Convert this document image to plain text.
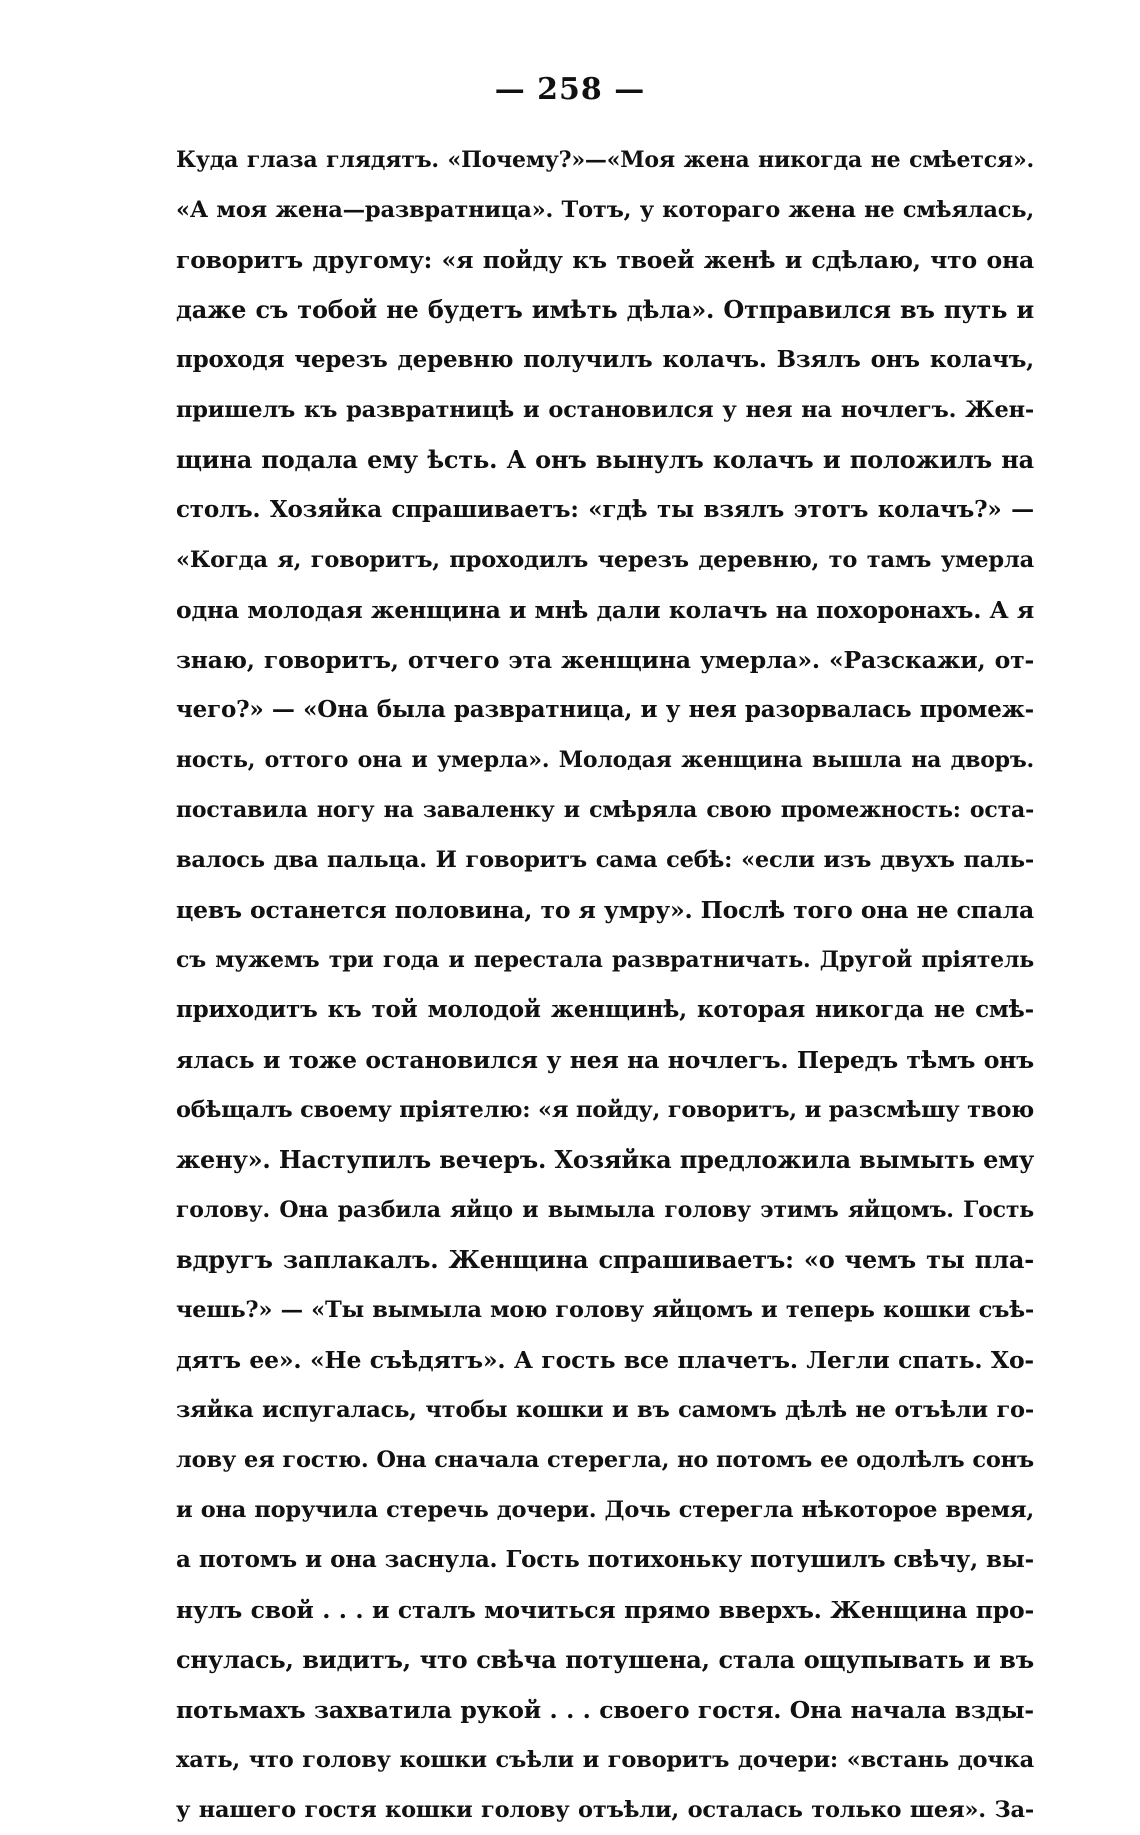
— 258 —
Куда глаза глядятъ. «Почему?»—«Моя жена никогда не смѣется».
«А моя жена—развратница». Тотъ, у котораго жена не смѣялась,
говоритъ другому: «я пойду къ твоей женѣ и сдѣлаю, что она
даже съ тобой не будетъ имѣть дѣла». Отправился въ путь и
проходя черезъ деревню получилъ колачъ. Взялъ онъ колачъ,
пришелъ къ развратницѣ и остановился у нея на ночлегъ. Жен-
щина подала ему ѣсть. А онъ вынулъ колачъ и положилъ на
столъ. Хозяйка спрашиваетъ: «гдѣ ты взялъ этотъ колачъ?» —
«Когда я, говоритъ, проходилъ черезъ деревню, то тамъ умерла
одна молодая женщина и мнѣ дали колачъ на похоронахъ. А я
знаю, говоритъ, отчего эта женщина умерла». «Разскажи, от-
чего?» — «Она была развратница, и у нея разорвалась промеж-
ность, оттого она и умерла». Молодая женщина вышла на дворъ.
поставила ногу на заваленку и смѣряла свою промежность: оста-
валось два пальца. И говоритъ сама себѣ: «если изъ двухъ паль-
цевъ останется половина, то я умру». Послѣ того она не спала
съ мужемъ три года и перестала развратничать. Другой пріятель
приходитъ къ той молодой женщинѣ, которая никогда не смѣ-
ялась и тоже остановился у нея на ночлегъ. Передъ тѣмъ онъ
обѣщалъ своему пріятелю: «я пойду, говоритъ, и разсмѣшу твою
жену». Наступилъ вечеръ. Хозяйка предложила вымыть ему
голову. Она разбила яйцо и вымыла голову этимъ яйцомъ. Гость
вдругъ заплакалъ. Женщина спрашиваетъ: «о чемъ ты пла-
чешь?» — «Ты вымыла мою голову яйцомъ и теперь кошки съѣ-
дятъ ее». «Не съѣдятъ». А гость все плачетъ. Легли спать. Хо-
зяйка испугалась, чтобы кошки и въ самомъ дѣлѣ не отъѣли го-
лову ея гостю. Она сначала стерегла, но потомъ ее одолѣлъ сонъ
и она поручила стеречь дочери. Дочь стерегла нѣкоторое время,
а потомъ и она заснула. Гость потихоньку потушилъ свѣчу, вы-
нулъ свой . . . и сталъ мочиться прямо вверхъ. Женщина про-
снулась, видитъ, что свѣча потушена, стала ощупывать и въ
потьмахъ захватила рукой . . . своего гостя. Она начала взды-
хать, что голову кошки съѣли и говоритъ дочери: «встань дочка
у нашего гостя кошки голову отъѣли, осталась только шея». За-
